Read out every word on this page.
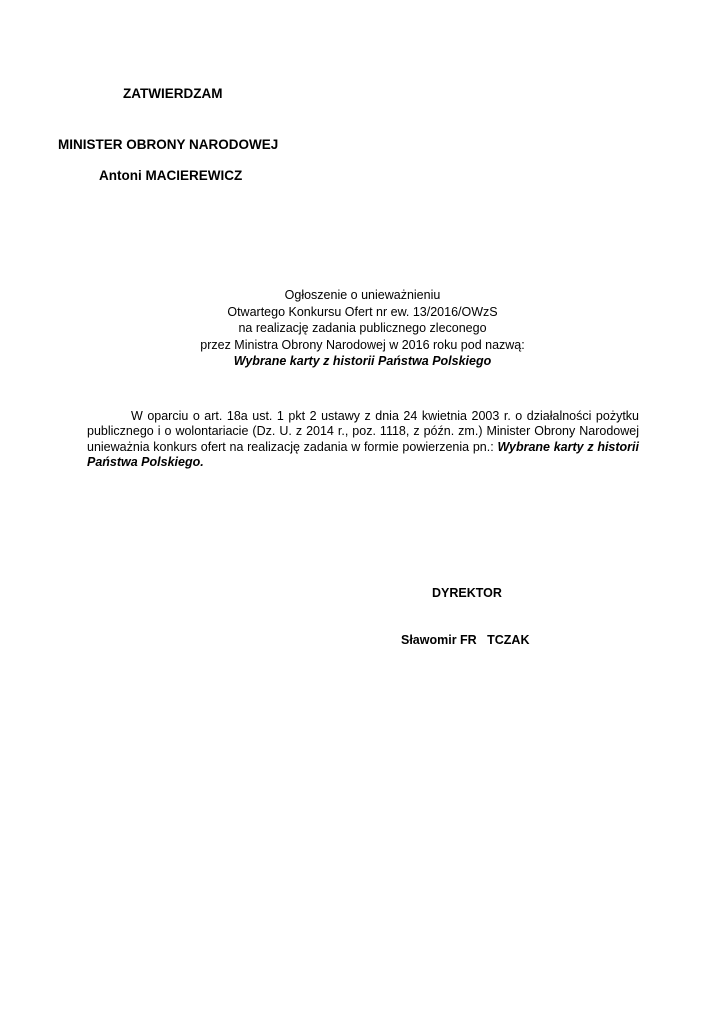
ZATWIERDZAM
MINISTER OBRONY NARODOWEJ
Antoni MACIEREWICZ
Ogłoszenie o unieważnieniu
Otwartego Konkursu Ofert nr ew. 13/2016/OWzS
na realizację zadania publicznego zleconego
przez Ministra Obrony Narodowej w 2016 roku pod nazwą:
Wybrane karty z historii Państwa Polskiego
W oparciu o art. 18a ust. 1 pkt 2 ustawy z dnia 24 kwietnia 2003 r. o działalności pożytku publicznego i o wolontariacie (Dz. U. z 2014 r., poz. 1118, z późn. zm.) Minister Obrony Narodowej unieważnia konkurs ofert na realizację zadania w formie powierzenia pn.: Wybrane karty z historii Państwa Polskiego.
DYREKTOR
Sławomir FR   TCZAK
